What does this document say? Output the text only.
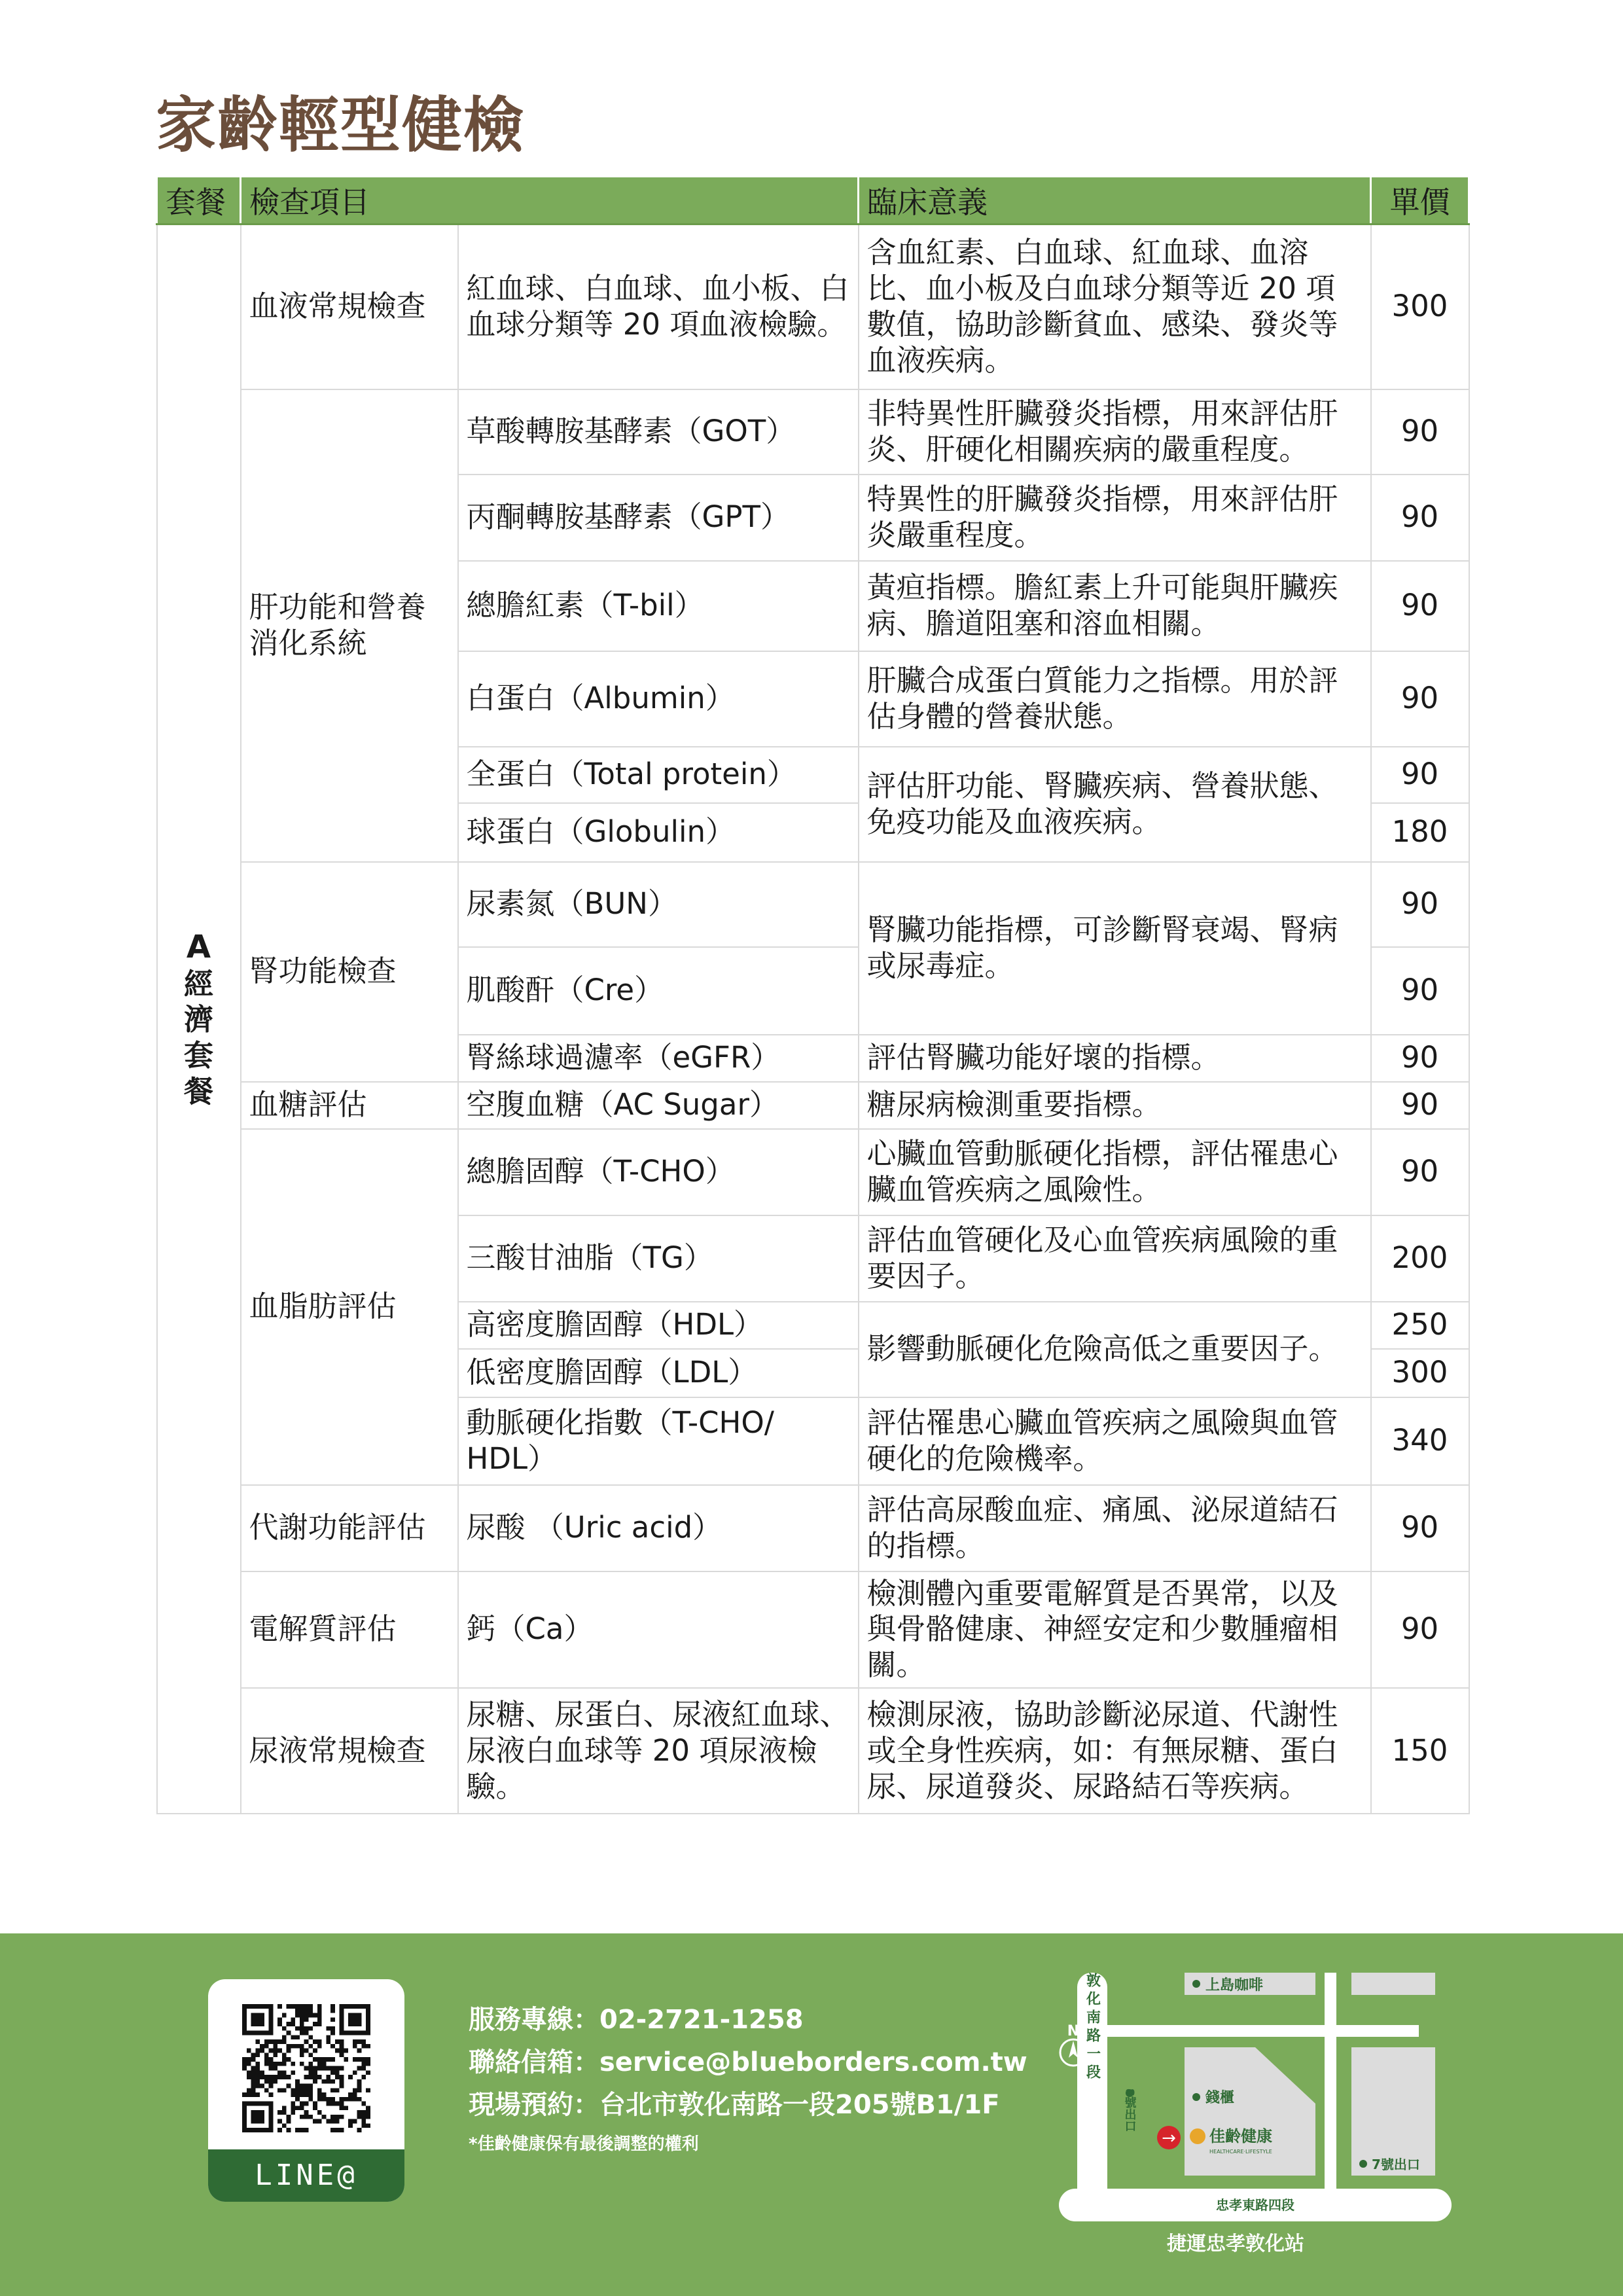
家齡輕型健檢
套餐	檢查項目		臨床意義	單價

A
經濟套餐	血液常規檢查	紅血球、白血球、血小板、白血球分類等 20 項血液檢驗。	含血紅素、白血球、紅血球、血溶比、血小板及白血球分類等近 20 項數值，協助診斷貧血、感染、發炎等血液疾病。	300
	肝功能和營養消化系統	草酸轉胺基酵素（GOT）	非特異性肝臟發炎指標，用來評估肝炎、肝硬化相關疾病的嚴重程度。	90
		丙酮轉胺基酵素（GPT）	特異性的肝臟發炎指標，用來評估肝炎嚴重程度。	90
		總膽紅素（T-bil）	黃疸指標。膽紅素上升可能與肝臟疾病、膽道阻塞和溶血相關。	90
		白蛋白（Albumin）	肝臟合成蛋白質能力之指標。用於評估身體的營養狀態。	90
		全蛋白（Total protein）	評估肝功能、腎臟疾病、營養狀態、免疫功能及血液疾病。	90
		球蛋白（Globulin）		180
	腎功能檢查	尿素氮（BUN）	腎臟功能指標，可診斷腎衰竭、腎病或尿毒症。	90
		肌酸酐（Cre）		90
		腎絲球過濾率（eGFR）	評估腎臟功能好壞的指標。	90
	血糖評估	空腹血糖（AC Sugar）	糖尿病檢測重要指標。	90
	血脂肪評估	總膽固醇（T-CHO）	心臟血管動脈硬化指標，評估罹患心臟血管疾病之風險性。	90
		三酸甘油脂（TG）	評估血管硬化及心血管疾病風險的重要因子。	200
		高密度膽固醇（HDL）	影響動脈硬化危險高低之重要因子。	250
		低密度膽固醇（LDL）		300
		動脈硬化指數（T-CHO/ HDL）	評估罹患心臟血管疾病之風險與血管硬化的危險機率。	340
	代謝功能評估	尿酸 （Uric acid）	評估高尿酸血症、痛風、泌尿道結石的指標。	90
	電解質評估	鈣（Ca）	檢測體內重要電解質是否異常，以及與骨骼健康、神經安定和少數腫瘤相關。	90
	尿液常規檢查	尿糖、尿蛋白、尿液紅血球、尿液白血球等 20 項尿液檢驗。	檢測尿液，協助診斷泌尿道、代謝性或全身性疾病，如：有無尿糖、蛋白尿、尿道發炎、尿路結石等疾病。	150
LINE@
服務專線：02-2721-1258
聯絡信箱：service@blueborders.com.tw
現場預約：台北市敦化南路一段205號B1/1F
*佳齡健康保有最後調整的權利
上島咖啡
錢櫃
佳齡健康
HEALTHCARE·LIFESTYLE
→
7號出口
敦化南路一段
8號出口
忠孝東路四段
捷運忠孝敦化站
N
